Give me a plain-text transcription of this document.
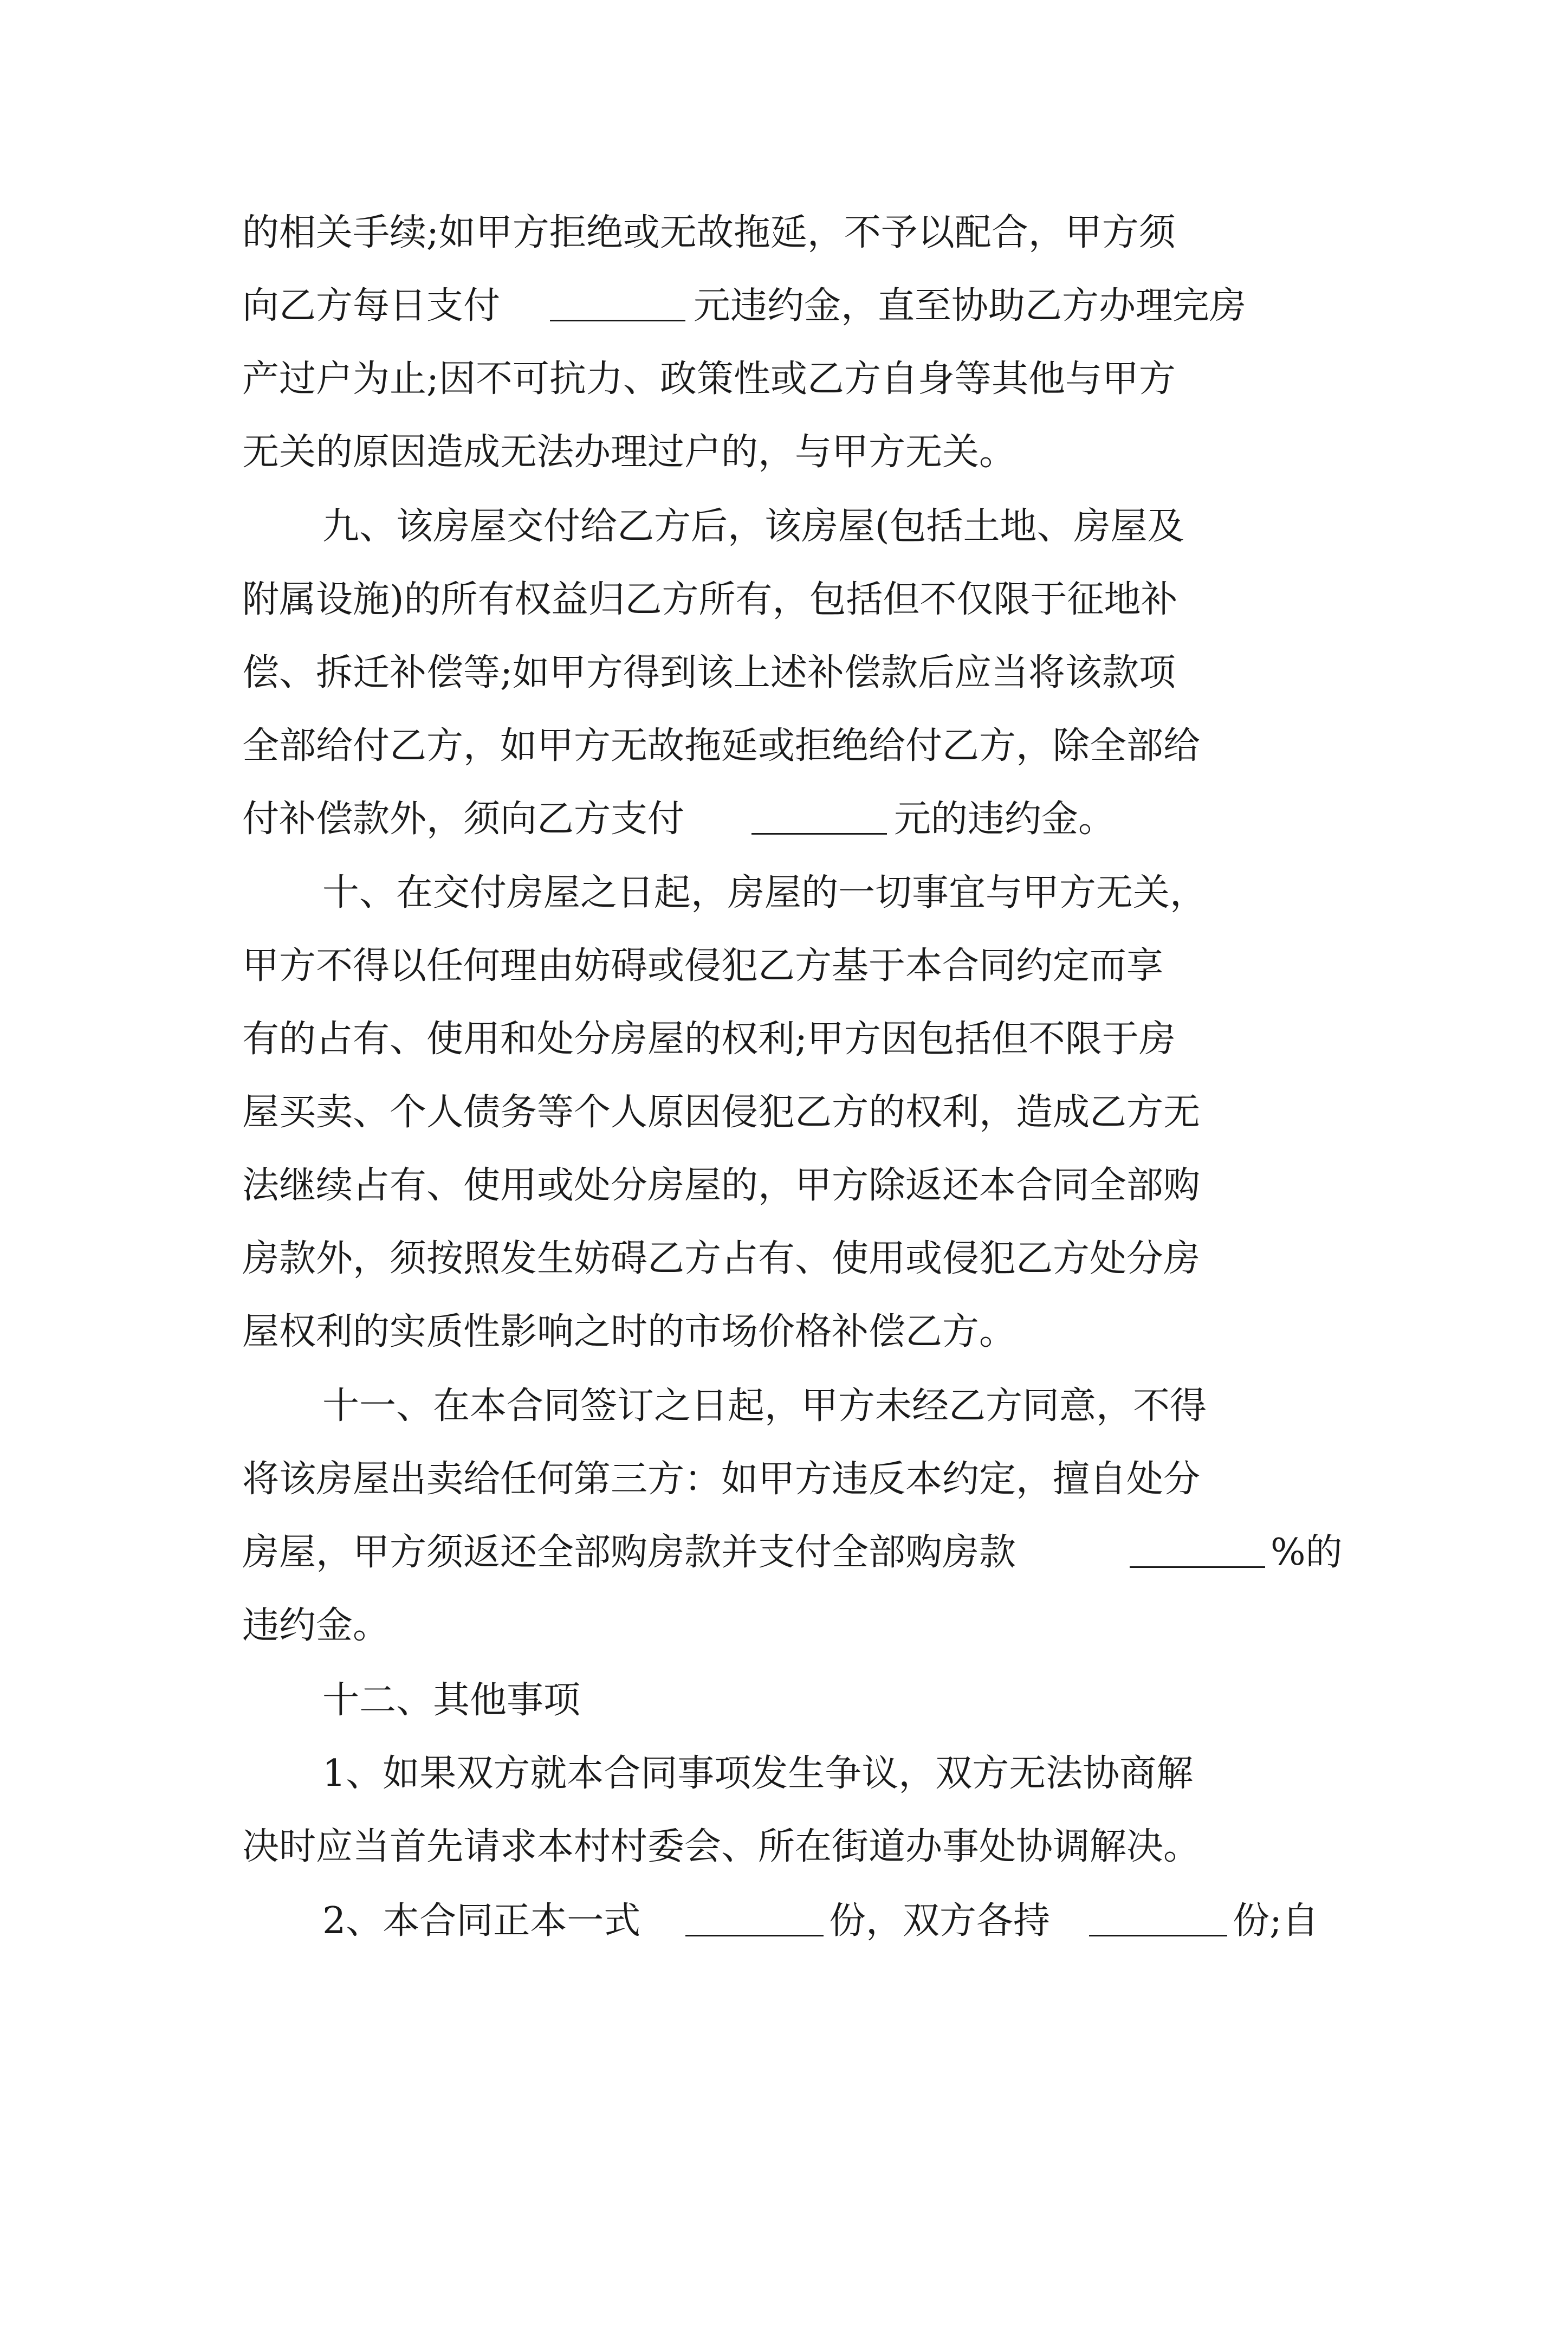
的相关手续;如甲方拒绝或无故拖延，不予以配合，甲方须

向乙方每日支付

	元违约金，直至协助乙方办理完房

产过户为止;因不可抗力、政策性或乙方自身等其他与甲方

无关的原因造成无法办理过户的，与甲方无关。

九、该房屋交付给乙方后，该房屋(包括土地、房屋及

附属设施)的所有权益归乙方所有，包括但不仅限于征地补

偿、拆迁补偿等;如甲方得到该上述补偿款后应当将该款项

全部给付乙方，如甲方无故拖延或拒绝给付乙方，除全部给

付补偿款外，须向乙方支付

	元的违约金。

十、在交付房屋之日起，房屋的一切事宜与甲方无关，

甲方不得以任何理由妨碍或侵犯乙方基于本合同约定而享

有的占有、使用和处分房屋的权利;甲方因包括但不限于房

屋买卖、个人债务等个人原因侵犯乙方的权利，造成乙方无

法继续占有、使用或处分房屋的，甲方除返还本合同全部购

房款外，须按照发生妨碍乙方占有、使用或侵犯乙方处分房

屋权利的实质性影响之时的市场价格补偿乙方。

十一、在本合同签订之日起，甲方未经乙方同意，不得

将该房屋出卖给任何第三方：如甲方违反本约定，擅自处分

房屋，甲方须返还全部购房款并支付全部购房款

	%的

违约金。

十二、其他事项

1、如果双方就本合同事项发生争议，双方无法协商解

决时应当首先请求本村村委会、所在街道办事处协调解决。

2、本合同正本一式

	份，双方各持

	份;自
